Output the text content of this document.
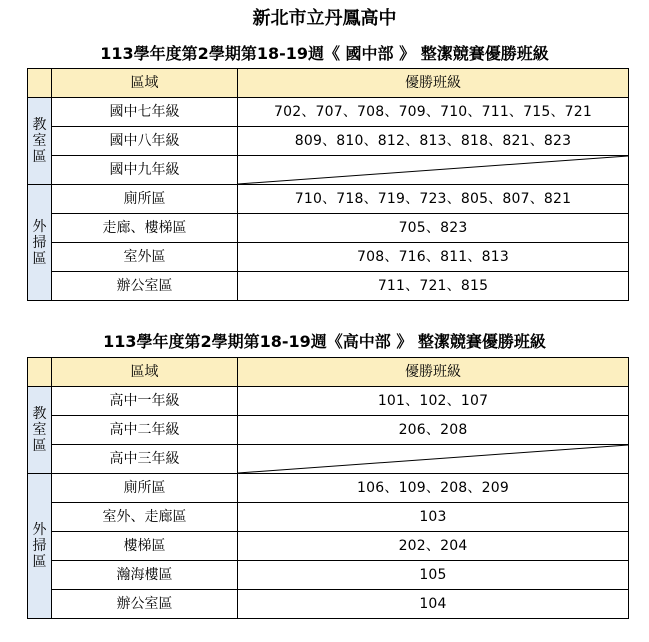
新北市立丹鳳高中
113學年度第2學期第18-19週《 國中部 》 整潔競賽優勝班級
	區域	優勝班級

教
室
區	國中七年級	702、707、708、709、710、711、715、721
	國中八年級	809、810、812、813、818、821、823
	國中九年級	

外
掃
區	廁所區	710、718、719、723、805、807、821
	走廊、樓梯區	705、823
	室外區	708、716、811、813
	辦公室區	711、721、815
113學年度第2學期第18-19週《高中部 》 整潔競賽優勝班級
	區域	優勝班級

教
室
區	高中一年級	101、102、107
	高中二年級	206、208
	高中三年級	

外
掃
區	廁所區	106、109、208、209
	室外、走廊區	103
	樓梯區	202、204
	瀚海樓區	105
	辦公室區	104
